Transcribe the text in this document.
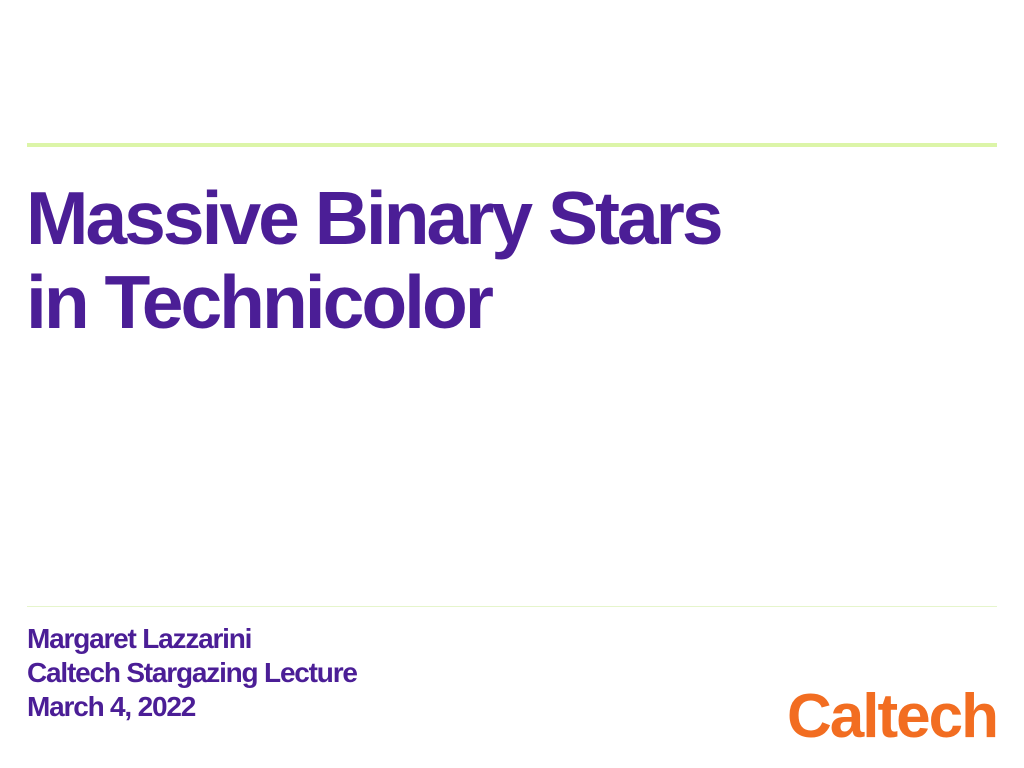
Massive Binary Stars
in Technicolor
Margaret Lazzarini
Caltech Stargazing Lecture
March 4, 2022	Caltech
